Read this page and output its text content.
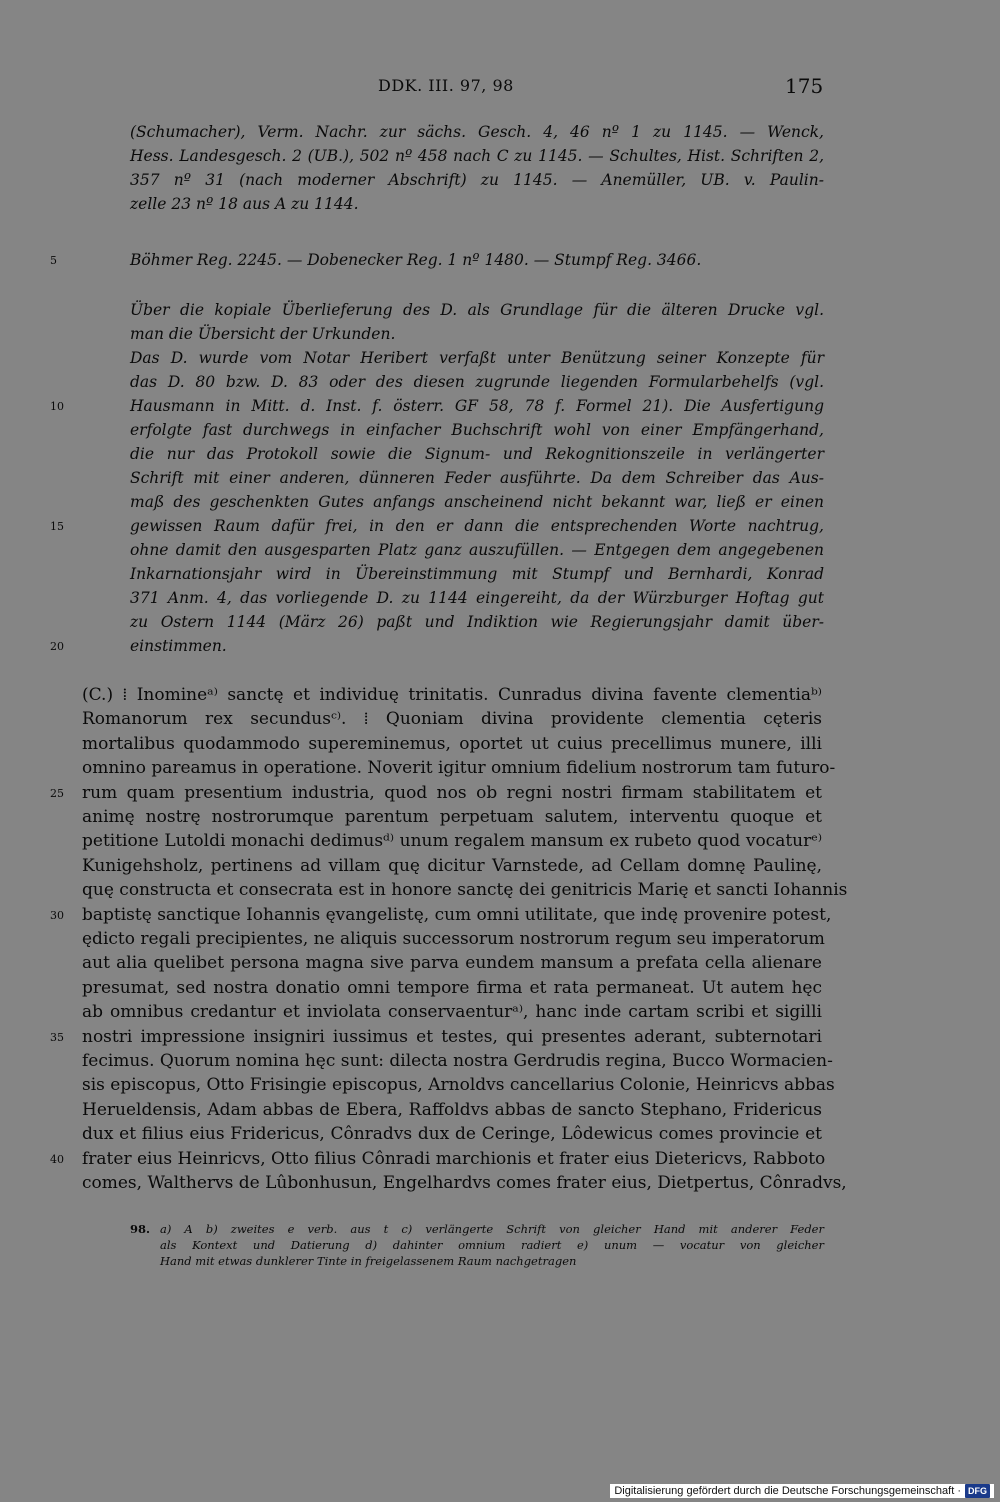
DDK. III. 97, 98	175
(Schumacher), Verm. Nachr. zur sächs. Gesch. 4, 46 nº 1 zu 1145. — Wenck,
Hess. Landesgesch. 2 (UB.), 502 nº 458 nach C zu 1145. — Schultes, Hist. Schriften 2,
357 nº 31 (nach moderner Abschrift) zu 1145. — Anemüller, UB. v. Paulin-
zelle 23 nº 18 aus A zu 1144.
5	Böhmer Reg. 2245. — Dobenecker Reg. 1 nº 1480. — Stumpf Reg. 3466.
Über die kopiale Überlieferung des D. als Grundlage für die älteren Drucke vgl.
man die Übersicht der Urkunden.
Das D. wurde vom Notar Heribert verfaßt unter Benützung seiner Konzepte für
das D. 80 bzw. D. 83 oder des diesen zugrunde liegenden Formularbehelfs (vgl.
10	Hausmann in Mitt. d. Inst. f. österr. GF 58, 78 f. Formel 21). Die Ausfertigung
erfolgte fast durchwegs in einfacher Buchschrift wohl von einer Empfängerhand,
die nur das Protokoll sowie die Signum- und Rekognitionszeile in verlängerter
Schrift mit einer anderen, dünneren Feder ausführte. Da dem Schreiber das Aus-
maß des geschenkten Gutes anfangs anscheinend nicht bekannt war, ließ er einen
15	gewissen Raum dafür frei, in den er dann die entsprechenden Worte nachtrug,
ohne damit den ausgesparten Platz ganz auszufüllen. — Entgegen dem angegebenen
Inkarnationsjahr wird in Übereinstimmung mit Stumpf und Bernhardi, Konrad
371 Anm. 4, das vorliegende D. zu 1144 eingereiht, da der Würzburger Hoftag gut
zu Ostern 1144 (März 26) paßt und Indiktion wie Regierungsjahr damit über-
20	einstimmen.
(C.) ⁞ Inomineᵃ⁾ sanctę et individuę trinitatis. Cunradus divina favente clementiaᵇ⁾
Romanorum rex secundusᶜ⁾. ⁞ Quoniam divina providente clementia cęteris
mortalibus quodammodo supereminemus, oportet ut cuius precellimus munere, illi
omnino pareamus in operatione. Noverit igitur omnium fidelium nostrorum tam futuro-
25 rum quam presentium industria, quod nos ob regni nostri firmam stabilitatem et
animę nostrę nostrorumque parentum perpetuam salutem, interventu quoque et
petitione Lutoldi monachi dedimusᵈ⁾ unum regalem mansum ex rubeto quod vocaturᵉ⁾
Kunigehsholz, pertinens ad villam quę dicitur Varnstede, ad Cellam domnę Paulinę,
quę constructa et consecrata est in honore sanctę dei genitricis Marię et sancti Iohannis
30 baptistę sanctique Iohannis ęvangelistę, cum omni utilitate, que indę provenire potest,
ędicto regali precipientes, ne aliquis successorum nostrorum regum seu imperatorum
aut alia quelibet persona magna sive parva eundem mansum a prefata cella alienare
presumat, sed nostra donatio omni tempore firma et rata permaneat. Ut autem hęc
ab omnibus credantur et inviolata conservaenturᵃ⁾, hanc inde cartam scribi et sigilli
35 nostri impressione insigniri iussimus et testes, qui presentes aderant, subternotari
fecimus. Quorum nomina hęc sunt: dilecta nostra Gerdrudis regina, Bucco Wormacien-
sis episcopus, Otto Frisingie episcopus, Arnoldvs cancellarius Colonie, Heinricvs abbas
Herueldensis, Adam abbas de Ebera, Raffoldvs abbas de sancto Stephano, Fridericus
dux et filius eius Fridericus, Cônradvs dux de Ceringe, Lôdewicus comes provincie et
40 frater eius Heinricvs, Otto filius Cônradi marchionis et frater eius Dietericvs, Rabboto
comes, Walthervs de Lûbonhusun, Engelhardvs comes frater eius, Dietpertus, Cônradvs,
98. a) A b) zweites e verb. aus t c) verlängerte Schrift von gleicher Hand mit anderer Feder
als Kontext und Datierung d) dahinter omnium radiert e) unum — vocatur von gleicher
Hand mit etwas dunklerer Tinte in freigelassenem Raum nachgetragen
Digitalisierung gefördert durch die Deutsche Forschungsgemeinschaft · DFG
